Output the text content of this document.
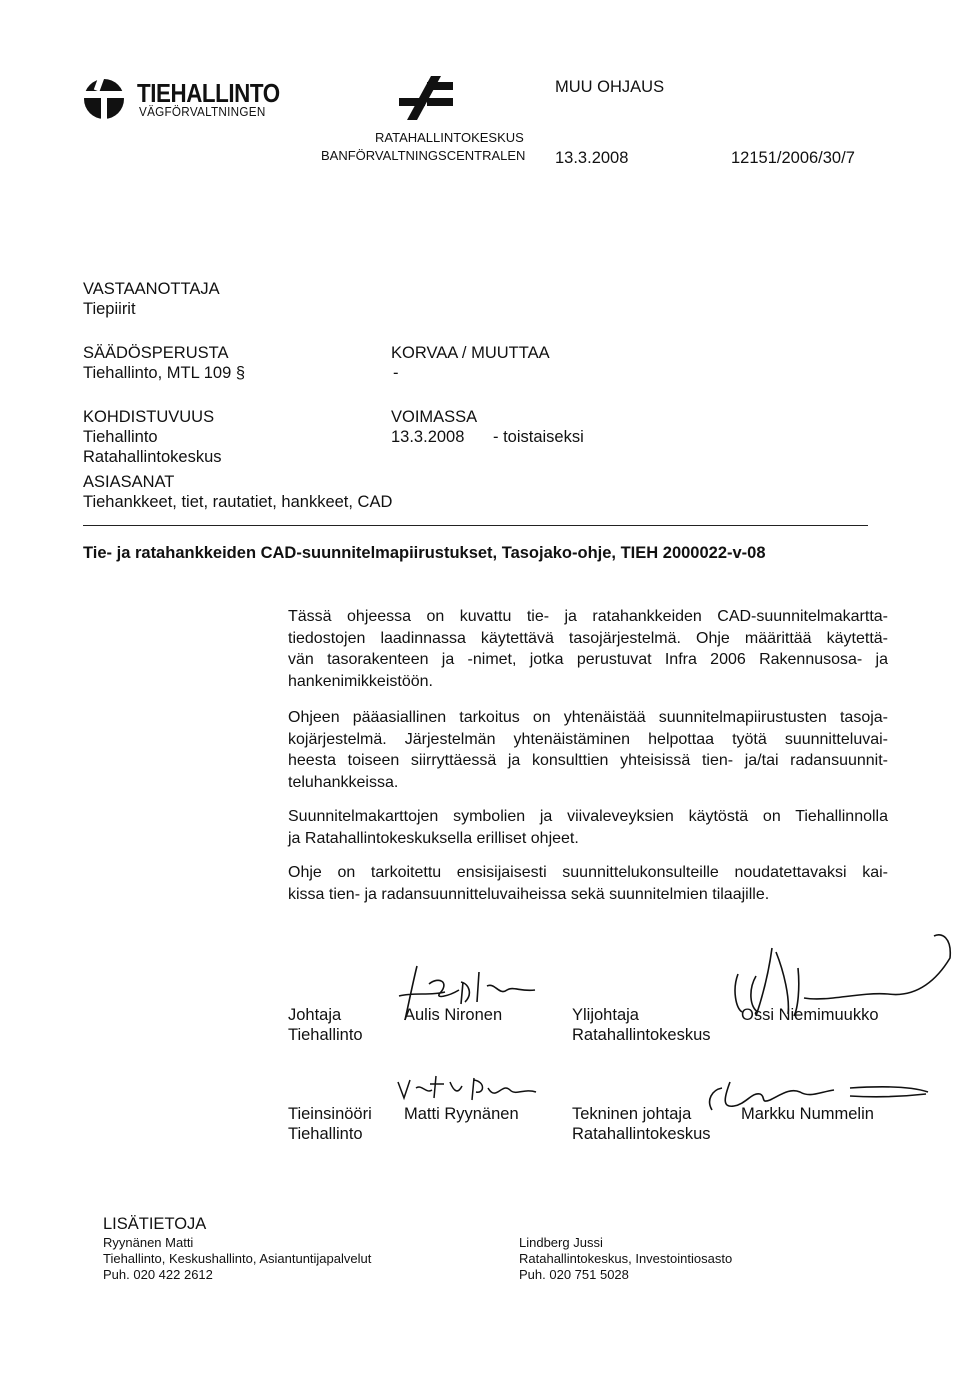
TIEHALLINTO
VÄGFÖRVALTNINGEN
RATAHALLINTOKESKUS
BANFÖRVALTNINGSCENTRALEN
MUU OHJAUS
13.3.2008	12151/2006/30/7
VASTAANOTTAJA
Tiepiirit
SÄÄDÖSPERUSTA
Tiehallinto, MTL 109 §
KORVAA / MUUTTAA
-
KOHDISTUVUUS
Tiehallinto
Ratahallintokeskus
VOIMASSA
13.3.2008 - toistaiseksi
ASIASANAT
Tiehankkeet, tiet, rautatiet, hankkeet, CAD
Tie- ja ratahankkeiden CAD-suunnitelmapiirustukset, Tasojako-ohje, TIEH 2000022-v-08
Tässä ohjeessa on kuvattu tie- ja ratahankkeiden CAD-suunnitelmakartta-
tiedostojen laadinnassa käytettävä tasojärjestelmä. Ohje määrittää käytettä-
vän tasorakenteen ja -nimet, jotka perustuvat Infra 2006 Rakennusosa- ja
hankenimikkeistöön.
Ohjeen pääasiallinen tarkoitus on yhtenäistää suunnitelmapiirustusten tasoja-
kojärjestelmä. Järjestelmän yhtenäistäminen helpottaa työtä suunnitteluvai-
heesta toiseen siirryttäessä ja konsulttien yhteisissä tien- ja/tai radansuunnit-
teluhankkeissa.
Suunnitelmakarttojen symbolien ja viivaleveyksien käytöstä on Tiehallinnolla
ja Ratahallintokeskuksella erilliset ohjeet.
Ohje on tarkoitettu ensisijaisesti suunnittelukonsulteille noudatettavaksi kai-
kissa tien- ja radansuunnitteluvaiheissa sekä suunnitelmien tilaajille.
Johtaja
Tiehallinto
Aulis Nironen	Ylijohtaja
Ratahallintokeskus
Ossi Niemimuukko
Tieinsinööri
Tiehallinto
Matti Ryynänen	Tekninen johtaja
Ratahallintokeskus
Markku Nummelin
LISÄTIETOJA
Ryynänen Matti
Tiehallinto, Keskushallinto, Asiantuntijapalvelut
Puh. 020 422 2612
Lindberg Jussi
Ratahallintokeskus, Investointiosasto
Puh. 020 751 5028
